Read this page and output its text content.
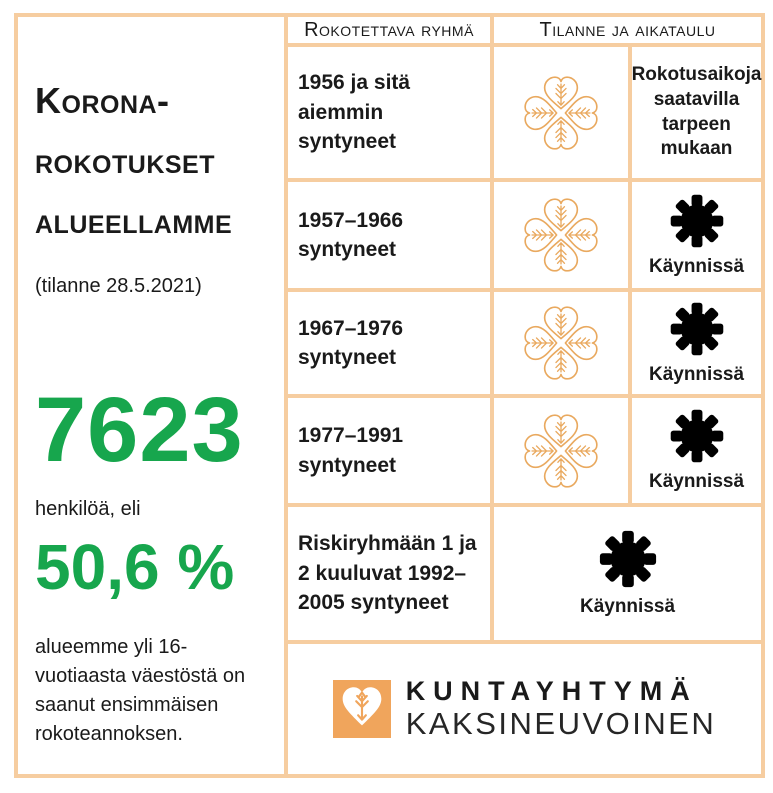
Korona-
rokotukset
alueellamme
(tilanne 28.5.2021)
7623
henkilöä, eli
50,6 %
alueemme yli 16-vuotiaasta väestöstä on saanut ensimmäisen rokoteannoksen.
Rokotettava ryhmä	Tilanne ja aikataulu
1956 ja sitä aiemmin syntyneet
Rokotusaikoja saatavilla tarpeen mukaan
1957–1966 syntyneet
Käynnissä
1967–1976 syntyneet
Käynnissä
1977–1991 syntyneet
Käynnissä
Riskiryhmään 1 ja 2 kuuluvat 1992–2005 syntyneet	Käynnissä
KUNTAYHTYMÄ
KAKSINEUVOINEN
